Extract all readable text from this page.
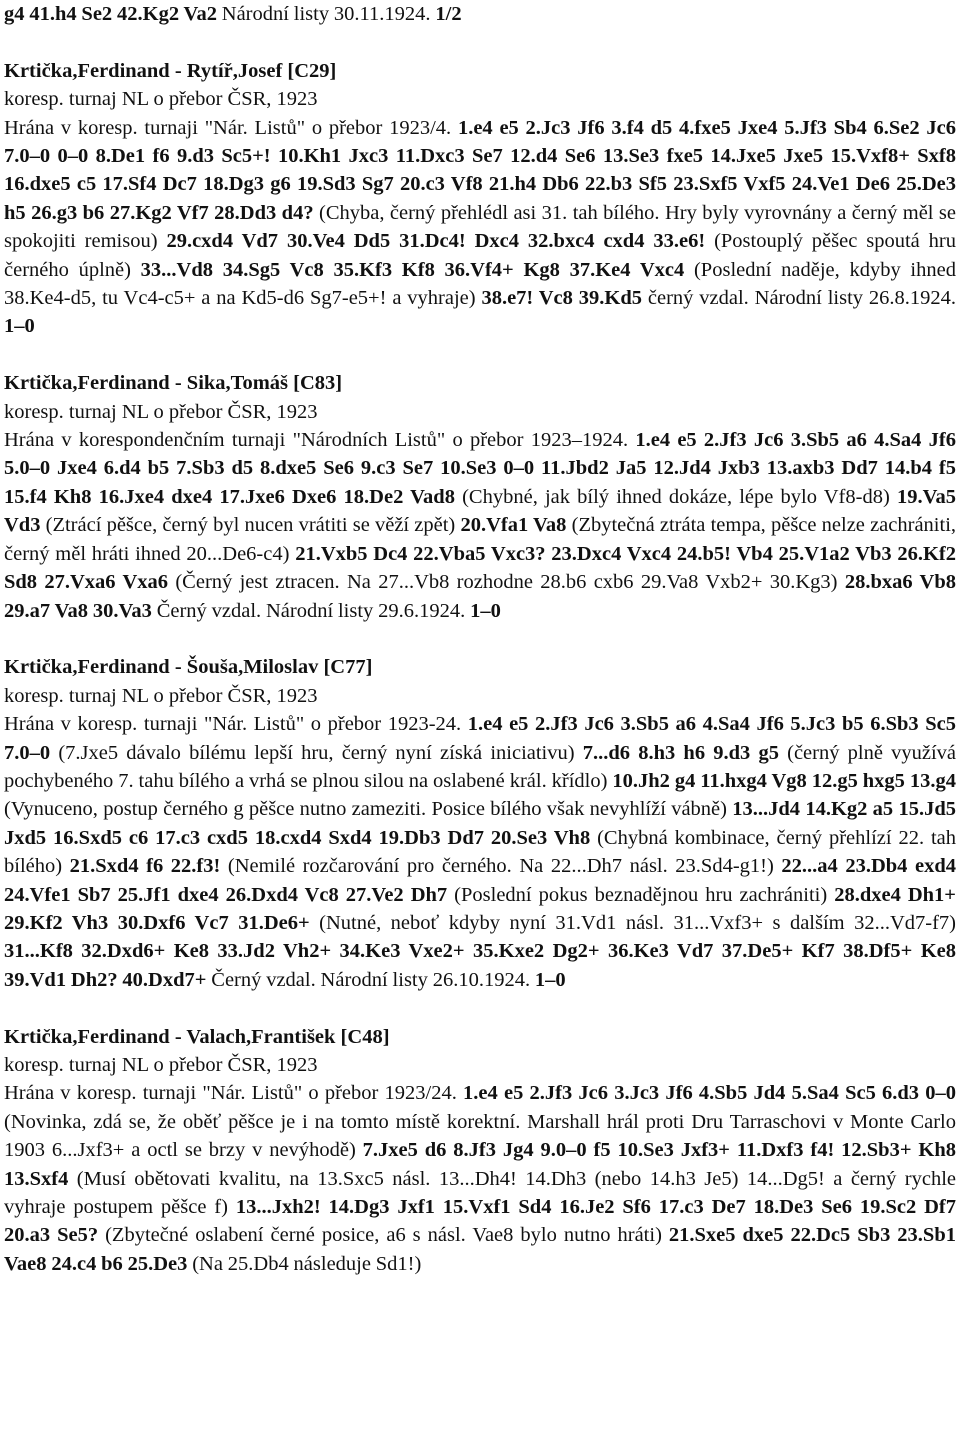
g4 41.h4 Se2 42.Kg2 Va2 Národní listy 30.11.1924. 1/2
Krtička,Ferdinand - Rytíř,Josef [C29]
koresp. turnaj NL o přebor ČSR, 1923
Hrána v koresp. turnaji "Nár. Listů" o přebor 1923/4. 1.e4 e5 2.Jc3 Jf6 3.f4 d5 4.fxe5 Jxe4 5.Jf3 Sb4 6.Se2 Jc6 7.0–0 0–0 8.De1 f6 9.d3 Sc5+! 10.Kh1 Jxc3 11.Dxc3 Se7 12.d4 Se6 13.Se3 fxe5 14.Jxe5 Jxe5 15.Vxf8+ Sxf8 16.dxe5 c5 17.Sf4 Dc7 18.Dg3 g6 19.Sd3 Sg7 20.c3 Vf8 21.h4 Db6 22.b3 Sf5 23.Sxf5 Vxf5 24.Ve1 De6 25.De3 h5 26.g3 b6 27.Kg2 Vf7 28.Dd3 d4? (Chyba, černý přehlédl asi 31. tah bílého. Hry byly vyrovnány a černý měl se spokojiti remisou) 29.cxd4 Vd7 30.Ve4 Dd5 31.Dc4! Dxc4 32.bxc4 cxd4 33.e6! (Postouplý pěšec spoutá hru černého úplně) 33...Vd8 34.Sg5 Vc8 35.Kf3 Kf8 36.Vf4+ Kg8 37.Ke4 Vxc4 (Poslední naděje, kdyby ihned 38.Ke4-d5, tu Vc4-c5+ a na Kd5-d6 Sg7-e5+! a vyhraje) 38.e7! Vc8 39.Kd5 černý vzdal. Národní listy 26.8.1924. 1–0
Krtička,Ferdinand - Sika,Tomáš [C83]
koresp. turnaj NL o přebor ČSR, 1923
Hrána v korespondenčním turnaji "Národních Listů" o přebor 1923–1924. 1.e4 e5 2.Jf3 Jc6 3.Sb5 a6 4.Sa4 Jf6 5.0–0 Jxe4 6.d4 b5 7.Sb3 d5 8.dxe5 Se6 9.c3 Se7 10.Se3 0–0 11.Jbd2 Ja5 12.Jd4 Jxb3 13.axb3 Dd7 14.b4 f5 15.f4 Kh8 16.Jxe4 dxe4 17.Jxe6 Dxe6 18.De2 Vad8 (Chybné, jak bílý ihned dokáze, lépe bylo Vf8-d8) 19.Va5 Vd3 (Ztrácí pěšce, černý byl nucen vrátiti se věží zpět) 20.Vfa1 Va8 (Zbytečná ztráta tempa, pěšce nelze zachrániti, černý měl hráti ihned 20...De6-c4) 21.Vxb5 Dc4 22.Vba5 Vxc3? 23.Dxc4 Vxc4 24.b5! Vb4 25.V1a2 Vb3 26.Kf2 Sd8 27.Vxa6 Vxa6 (Černý jest ztracen. Na 27...Vb8 rozhodne 28.b6 cxb6 29.Va8 Vxb2+ 30.Kg3) 28.bxa6 Vb8 29.a7 Va8 30.Va3 Černý vzdal. Národní listy 29.6.1924. 1–0
Krtička,Ferdinand - Šouša,Miloslav [C77]
koresp. turnaj NL o přebor ČSR, 1923
Hrána v koresp. turnaji "Nár. Listů" o přebor 1923-24. 1.e4 e5 2.Jf3 Jc6 3.Sb5 a6 4.Sa4 Jf6 5.Jc3 b5 6.Sb3 Sc5 7.0–0 (7.Jxe5 dávalo bílému lepší hru, černý nyní získá iniciativu) 7...d6 8.h3 h6 9.d3 g5 (černý plně využívá pochybeného 7. tahu bílého a vrhá se plnou silou na oslabené král. křídlo) 10.Jh2 g4 11.hxg4 Vg8 12.g5 hxg5 13.g4 (Vynuceno, postup černého g pěšce nutno zameziti. Posice bílého však nevyhlíží vábně) 13...Jd4 14.Kg2 a5 15.Jd5 Jxd5 16.Sxd5 c6 17.c3 cxd5 18.cxd4 Sxd4 19.Db3 Dd7 20.Se3 Vh8 (Chybná kombinace, černý přehlízí 22. tah bílého) 21.Sxd4 f6 22.f3! (Nemilé rozčarování pro černého. Na 22...Dh7 násl. 23.Sd4-g1!) 22...a4 23.Db4 exd4 24.Vfe1 Sb7 25.Jf1 dxe4 26.Dxd4 Vc8 27.Ve2 Dh7 (Poslední pokus beznadějnou hru zachrániti) 28.dxe4 Dh1+ 29.Kf2 Vh3 30.Dxf6 Vc7 31.De6+ (Nutné, neboť kdyby nyní 31.Vd1 násl. 31...Vxf3+ s dalším 32...Vd7-f7) 31...Kf8 32.Dxd6+ Ke8 33.Jd2 Vh2+ 34.Ke3 Vxe2+ 35.Kxe2 Dg2+ 36.Ke3 Vd7 37.De5+ Kf7 38.Df5+ Ke8 39.Vd1 Dh2? 40.Dxd7+ Černý vzdal. Národní listy 26.10.1924. 1–0
Krtička,Ferdinand - Valach,František [C48]
koresp. turnaj NL o přebor ČSR, 1923
Hrána v koresp. turnaji "Nár. Listů" o přebor 1923/24. 1.e4 e5 2.Jf3 Jc6 3.Jc3 Jf6 4.Sb5 Jd4 5.Sa4 Sc5 6.d3 0–0 (Novinka, zdá se, že oběť pěšce je i na tomto místě korektní. Marshall hrál proti Dru Tarraschovi v Monte Carlo 1903 6...Jxf3+ a octl se brzy v nevýhodě) 7.Jxe5 d6 8.Jf3 Jg4 9.0–0 f5 10.Se3 Jxf3+ 11.Dxf3 f4! 12.Sb3+ Kh8 13.Sxf4 (Musí obětovati kvalitu, na 13.Sxc5 násl. 13...Dh4! 14.Dh3 (nebo 14.h3 Je5) 14...Dg5! a černý rychle vyhraje postupem pěšce f) 13...Jxh2! 14.Dg3 Jxf1 15.Vxf1 Sd4 16.Je2 Sf6 17.c3 De7 18.De3 Se6 19.Sc2 Df7 20.a3 Se5? (Zbytečné oslabení černé posice, a6 s násl. Vae8 bylo nutno hráti) 21.Sxe5 dxe5 22.Dc5 Sb3 23.Sb1 Vae8 24.c4 b6 25.De3 (Na 25.Db4 následuje Sd1!)
